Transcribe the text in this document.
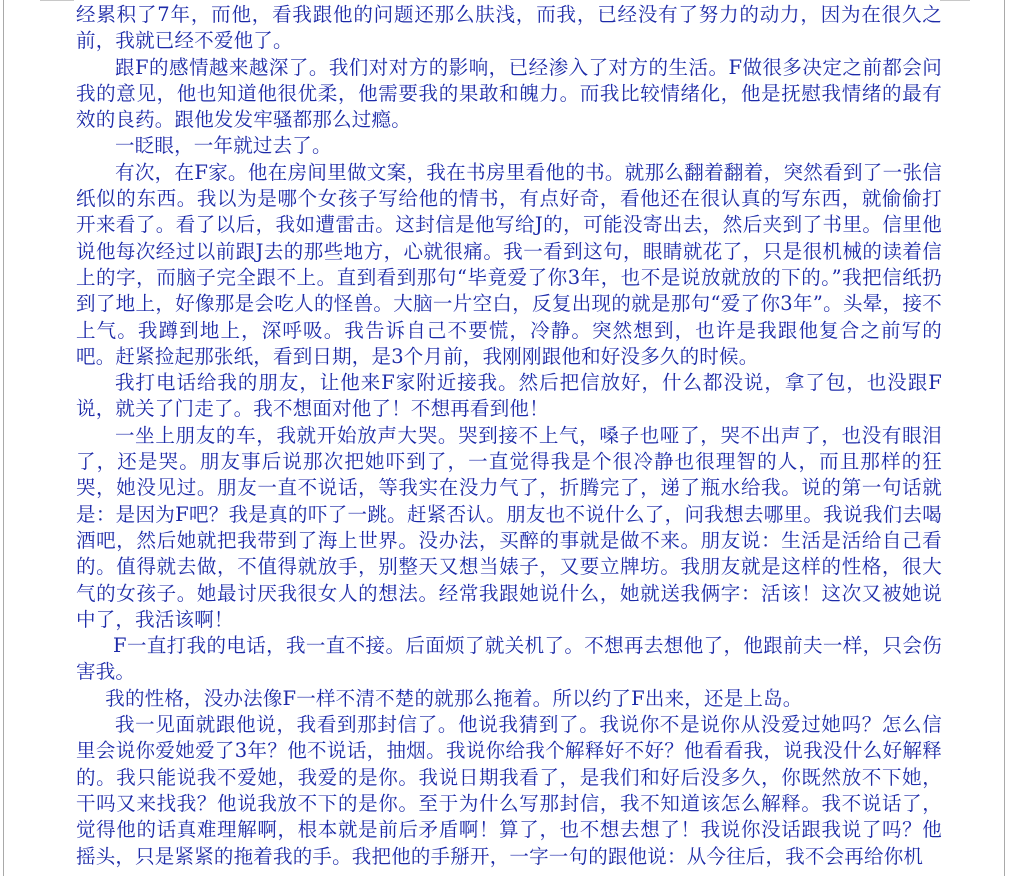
经累积了7年，而他，看我跟他的问题还那么肤浅，而我，已经没有了努力的动力，因为在很久之前，我就已经不爱他了。

跟F的感情越来越深了。我们对对方的影响，已经渗入了对方的生活。F做很多决定之前都会问我的意见，他也知道他很优柔，他需要我的果敢和魄力。而我比较情绪化，他是抚慰我情绪的最有效的良药。跟他发发牢骚都那么过瘾。

一眨眼，一年就过去了。

有次，在F家。他在房间里做文案，我在书房里看他的书。就那么翻着翻着，突然看到了一张信纸似的东西。我以为是哪个女孩子写给他的情书，有点好奇，看他还在很认真的写东西，就偷偷打开来看了。看了以后，我如遭雷击。这封信是他写给J的，可能没寄出去，然后夹到了书里。信里他说他每次经过以前跟J去的那些地方，心就很痛。我一看到这句，眼睛就花了，只是很机械的读着信上的字，而脑子完全跟不上。直到看到那句“毕竟爱了你3年，也不是说放就放的下的。”我把信纸扔到了地上，好像那是会吃人的怪兽。大脑一片空白，反复出现的就是那句“爱了你3年”。头晕，接不上气。我蹲到地上，深呼吸。我告诉自己不要慌，冷静。突然想到，也许是我跟他复合之前写的吧。赶紧捡起那张纸，看到日期，是3个月前，我刚刚跟他和好没多久的时候。

我打电话给我的朋友，让他来F家附近接我。然后把信放好，什么都没说，拿了包，也没跟F说，就关了门走了。我不想面对他了！不想再看到他！

一坐上朋友的车，我就开始放声大哭。哭到接不上气，嗓子也哑了，哭不出声了，也没有眼泪了，还是哭。朋友事后说那次把她吓到了，一直觉得我是个很冷静也很理智的人，而且那样的狂哭，她没见过。朋友一直不说话，等我实在没力气了，折腾完了，递了瓶水给我。说的第一句话就是：是因为F吧？我是真的吓了一跳。赶紧否认。朋友也不说什么了，问我想去哪里。我说我们去喝酒吧，然后她就把我带到了海上世界。没办法，买醉的事就是做不来。朋友说：生活是活给自己看的。值得就去做，不值得就放手，别整天又想当婊子，又要立牌坊。我朋友就是这样的性格，很大气的女孩子。她最讨厌我很女人的想法。经常我跟她说什么，她就送我俩字：活该！这次又被她说中了，我活该啊！

F一直打我的电话，我一直不接。后面烦了就关机了。不想再去想他了，他跟前夫一样，只会伤害我。

我的性格，没办法像F一样不清不楚的就那么拖着。所以约了F出来，还是上岛。

我一见面就跟他说，我看到那封信了。他说我猜到了。我说你不是说你从没爱过她吗？怎么信里会说你爱她爱了3年？他不说话，抽烟。我说你给我个解释好不好？他看看我，说我没什么好解释的。我只能说我不爱她，我爱的是你。我说日期我看了，是我们和好后没多久，你既然放不下她，干吗又来找我？他说我放不下的是你。至于为什么写那封信，我不知道该怎么解释。我不说话了，觉得他的话真难理解啊，根本就是前后矛盾啊！算了，也不想去想了！我说你没话跟我说了吗？他摇头，只是紧紧的拖着我的手。我把他的手掰开，一字一句的跟他说：从今往后，我不会再给你机
